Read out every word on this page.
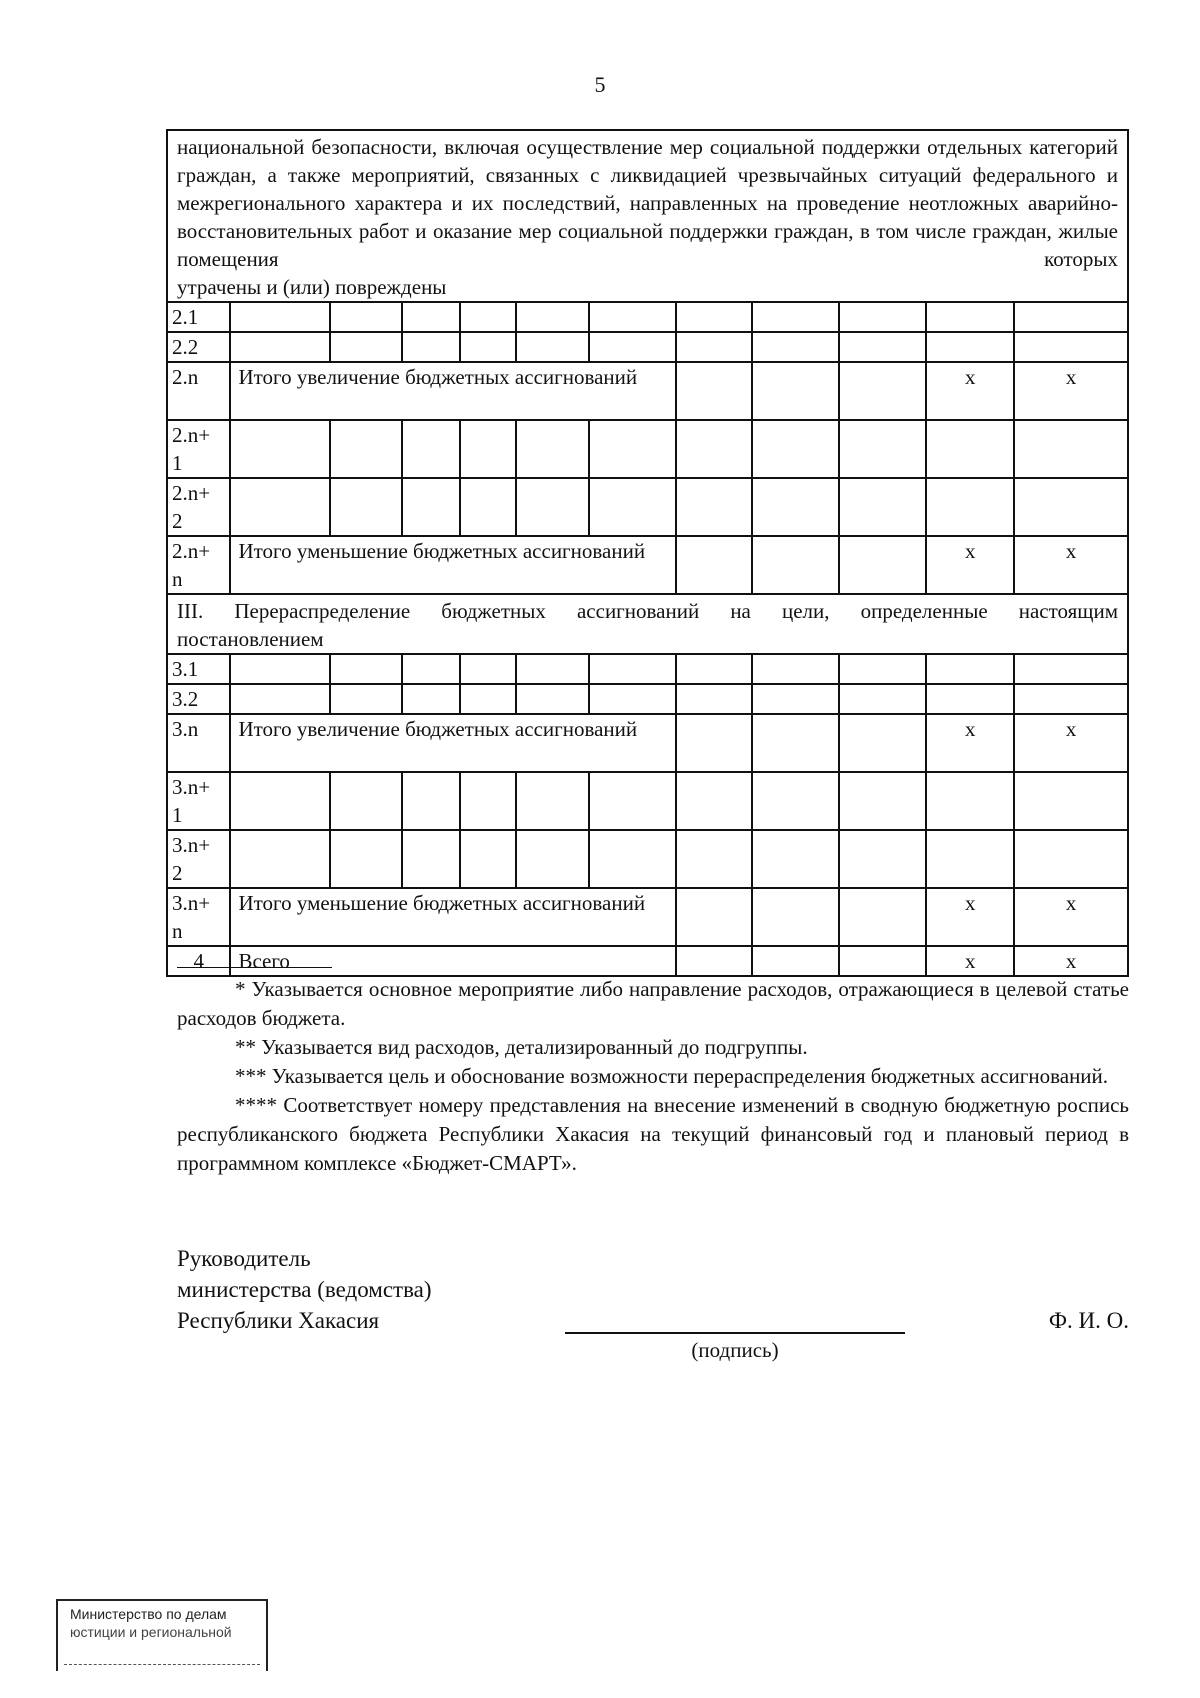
5
национальной безопасности, включая осуществление мер социальной поддержки отдельных категорий граждан, а также мероприятий, связанных с ликвидацией чрезвычайных ситуаций федерального и межрегионального характера и их последствий, направленных на проведение неотложных аварийно-восстановительных работ и оказание мер социальной поддержки граждан, в том числе граждан, жилые помещения которых
утрачены и (или) повреждены											

2.1											
2.2											
2.n	Итого увеличение бюджетных ассигнований									x	x
2.n+ 1											
2.n+ 2											
2.n+ n	Итого уменьшение бюджетных ассигнований									x	x
III. Перераспределение бюджетных ассигнований на цели, определенные настоящим
постановлением											

3.1											
3.2											
3.n	Итого увеличение бюджетных ассигнований									x	x
3.n+ 1											
3.n+ 2											
3.n+ n	Итого уменьшение бюджетных ассигнований									x	x
4	Всего									x	x

* Указывается основное мероприятие либо направление расходов, отражающиеся в целевой статье расходов бюджета.

** Указывается вид расходов, детализированный до подгруппы.

*** Указывается цель и обоснование возможности перераспределения бюджетных ассигнований.

**** Соответствует номеру представления на внесение изменений в сводную бюджетную роспись республиканского бюджета Республики Хакасия на текущий финансовый год и плановый период в программном комплексе «Бюджет-СМАРТ».

Руководитель
министерства (ведомства)
Республики Хакасия
(подпись)
Ф. И. О.
Министерство по делам
юстиции и региональной
